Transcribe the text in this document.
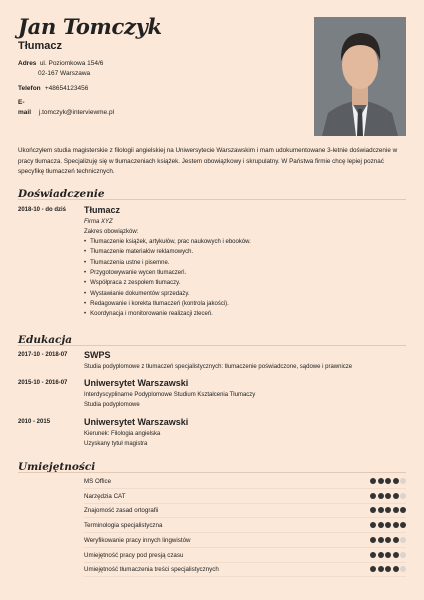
Jan Tomczyk
Tłumacz
Adres ul. Poziomkowa 154/6
02-167 Warszawa
Telefon +48654123456
E-mail j.tomczyk@interviewme.pl
Ukończyłem studia magisterskie z filologii angielskiej na Uniwersytecie Warszawskim i mam udokumentowane 3-letnie doświadczenie w pracy tłumacza. Specjalizuję się w tłumaczeniach książek. Jestem obowiązkowy i skrupulatny. W Państwa firmie chcę lepiej poznać specyfikę tłumaczeń technicznych.
Doświadczenie
2018-10 - do dziś Tłumacz
Firma XYZ
Zakres obowiązków:
• Tłumaczenie książek, artykułów, prac naukowych i ebooków.
• Tłumaczenie materiałów reklamowych.
• Tłumaczenia ustne i pisemne.
• Przygotowywanie wycen tłumaczeń.
• Współpraca z zespołem tłumaczy.
• Wystawianie dokumentów sprzedaży.
• Redagowanie i korekta tłumaczeń (kontrola jakości).
• Koordynacja i monitorowanie realizacji zleceń.
Edukacja
2017-10 - 2018-07 SWPS
Studia podyplomowe z tłumaczeń specjalistycznych: tłumaczenie poświadczone, sądowe i prawnicze
2015-10 - 2016-07 Uniwersytet Warszawski
Interdyscyplinarne Podyplomowe Studium Kształcenia Tłumaczy
Studia podyplomowe
2010 - 2015	Uniwersytet Warszawski
Kierunek: Filologia angielska
Uzyskany tytuł magistra
Umiejętności
MS Office
Narzędzia CAT
Znajomość zasad ortografii
Terminologia specjalistyczna
Weryfikowanie pracy innych lingwistów
Umiejętność pracy pod presją czasu
Umiejętność tłumaczenia treści specjalistycznych
